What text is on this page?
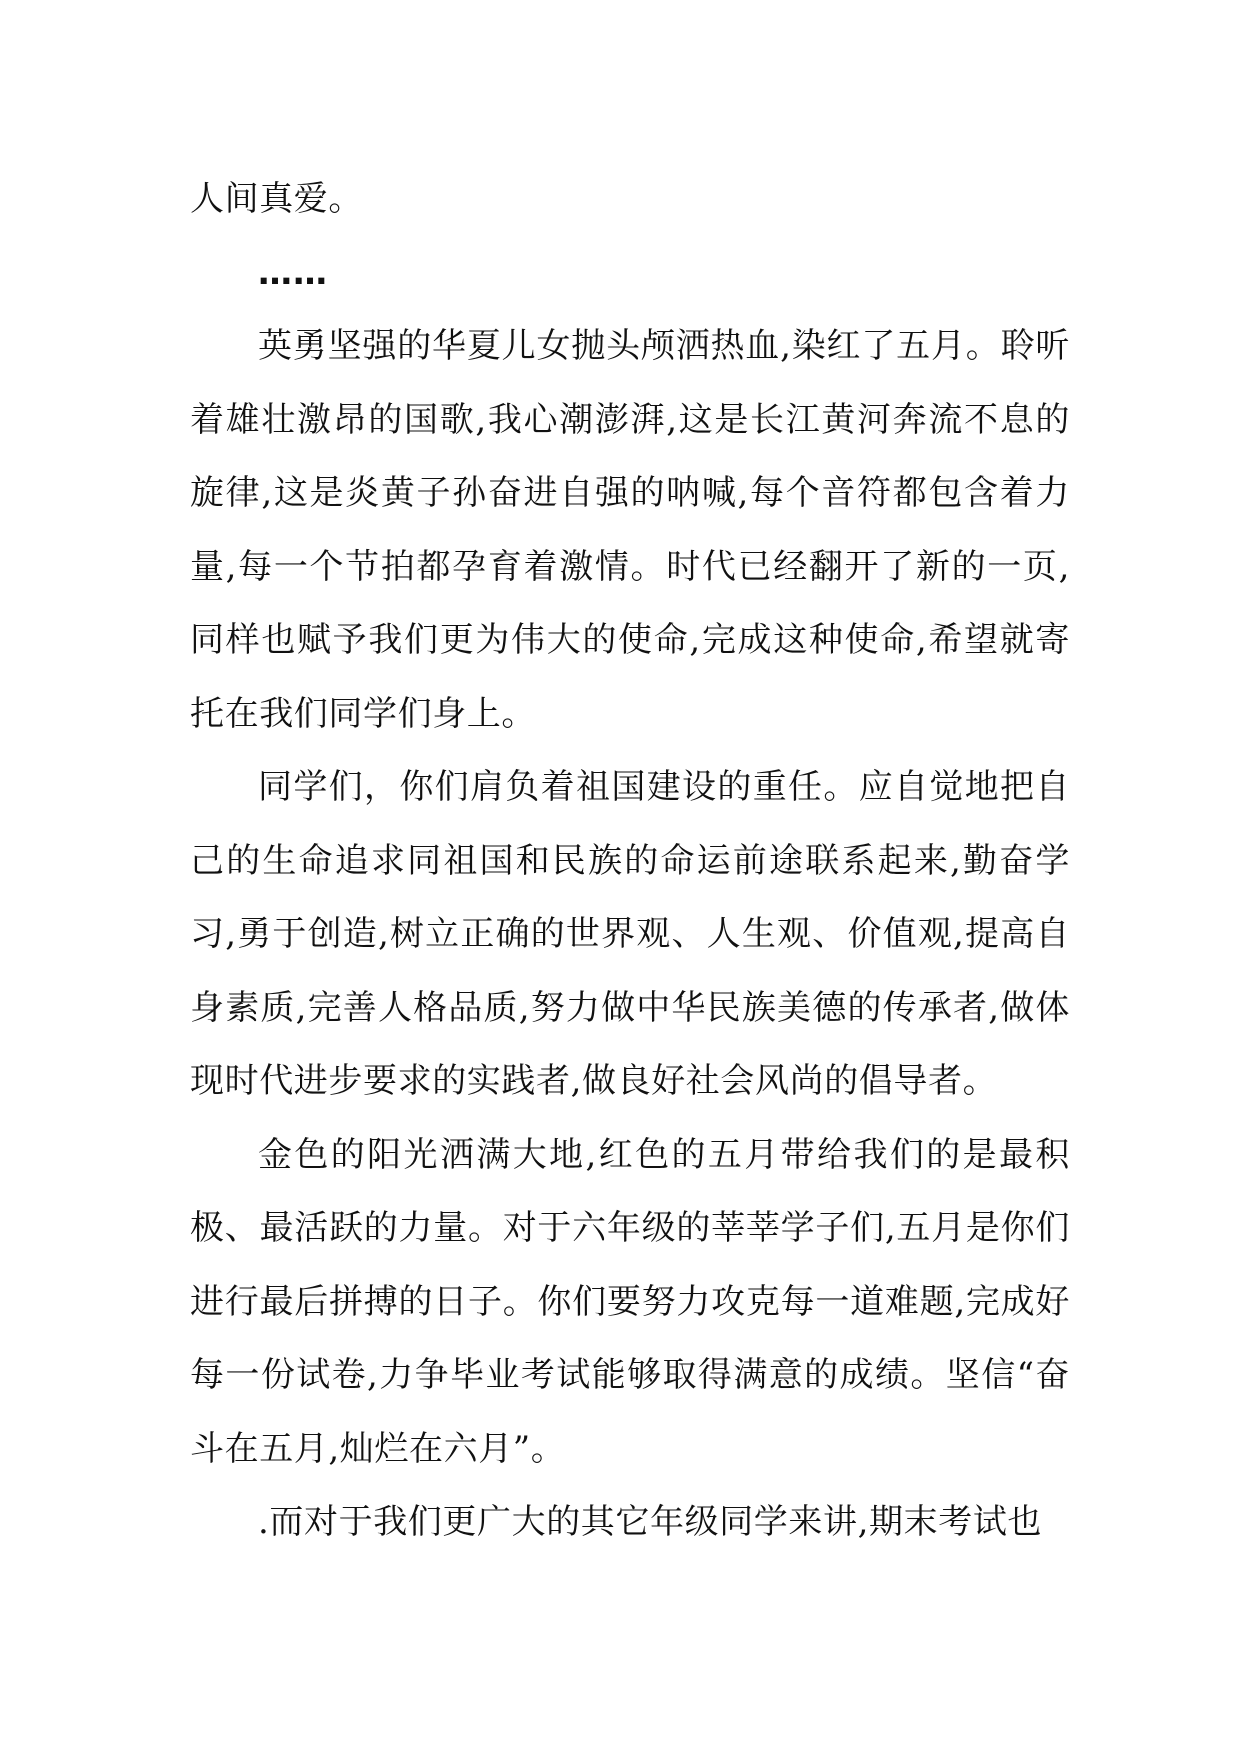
人间真爱。

……

英勇坚强的华夏儿女抛头颅洒热血,染红了五月。聆听着雄壮激昂的国歌,我心潮澎湃,这是长江黄河奔流不息的旋律,这是炎黄子孙奋进自强的呐喊,每个音符都包含着力量,每一个节拍都孕育着激情。时代已经翻开了新的一页,同样也赋予我们更为伟大的使命,完成这种使命,希望就寄托在我们同学们身上。

同学们，你们肩负着祖国建设的重任。应自觉地把自己的生命追求同祖国和民族的命运前途联系起来,勤奋学习,勇于创造,树立正确的世界观、人生观、价值观,提高自身素质,完善人格品质,努力做中华民族美德的传承者,做体现时代进步要求的实践者,做良好社会风尚的倡导者。

金色的阳光洒满大地,红色的五月带给我们的是最积极、最活跃的力量。对于六年级的莘莘学子们,五月是你们进行最后拼搏的日子。你们要努力攻克每一道难题,完成好每一份试卷,力争毕业考试能够取得满意的成绩。坚信“奋斗在五月,灿烂在六月”。

.而对于我们更广大的其它年级同学来讲,期末考试也
